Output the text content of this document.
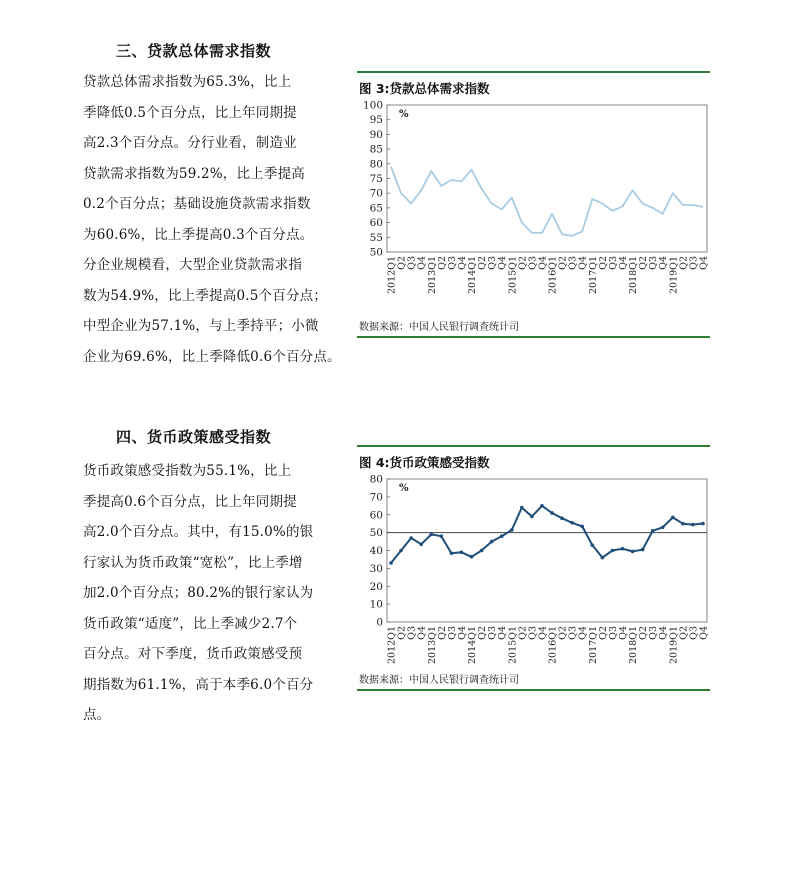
三、贷款总体需求指数
贷款总体需求指数为65.3%，比上
季降低0.5个百分点，比上年同期提
高2.3个百分点。分行业看，制造业
贷款需求指数为59.2%，比上季提高
0.2个百分点；基础设施贷款需求指数
为60.6%，比上季提高0.3个百分点。
分企业规模看，大型企业贷款需求指
数为54.9%，比上季提高0.5个百分点；
中型企业为57.1%，与上季持平；小微
企业为69.6%，比上季降低0.6个百分点。
图 3:贷款总体需求指数
50
55
60
65
70
75
80
85
90
95
100
%
2012Q1 Q2 Q3 Q4 2013Q1 Q2 Q3 Q4 2014Q1 Q2 Q3 Q4 2015Q1 Q2 Q3 Q4 2016Q1 Q2 Q3 Q4 2017Q1 Q2 Q3 Q4 2018Q1 Q2 Q3 Q4 2019Q1 Q2 Q3 Q4
数据来源：中国人民银行调查统计司
四、货币政策感受指数
货币政策感受指数为55.1%，比上
季提高0.6个百分点，比上年同期提
高2.0个百分点。其中，有15.0%的银
行家认为货币政策“宽松”，比上季增
加2.0个百分点；80.2%的银行家认为
货币政策“适度”，比上季减少2.7个
百分点。对下季度，货币政策感受预
期指数为61.1%，高于本季6.0个百分
点。
图 4:货币政策感受指数
0
10
20
30
40
50
60
70
80
%
2012Q1 Q2 Q3 Q4 2013Q1 Q2 Q3 Q4 2014Q1 Q2 Q3 Q4 2015Q1 Q2 Q3 Q4 2016Q1 Q2 Q3 Q4 2017Q1 Q2 Q3 Q4 2018Q1 Q2 Q3 Q4 2019Q1 Q2 Q3 Q4
数据来源：中国人民银行调查统计司
